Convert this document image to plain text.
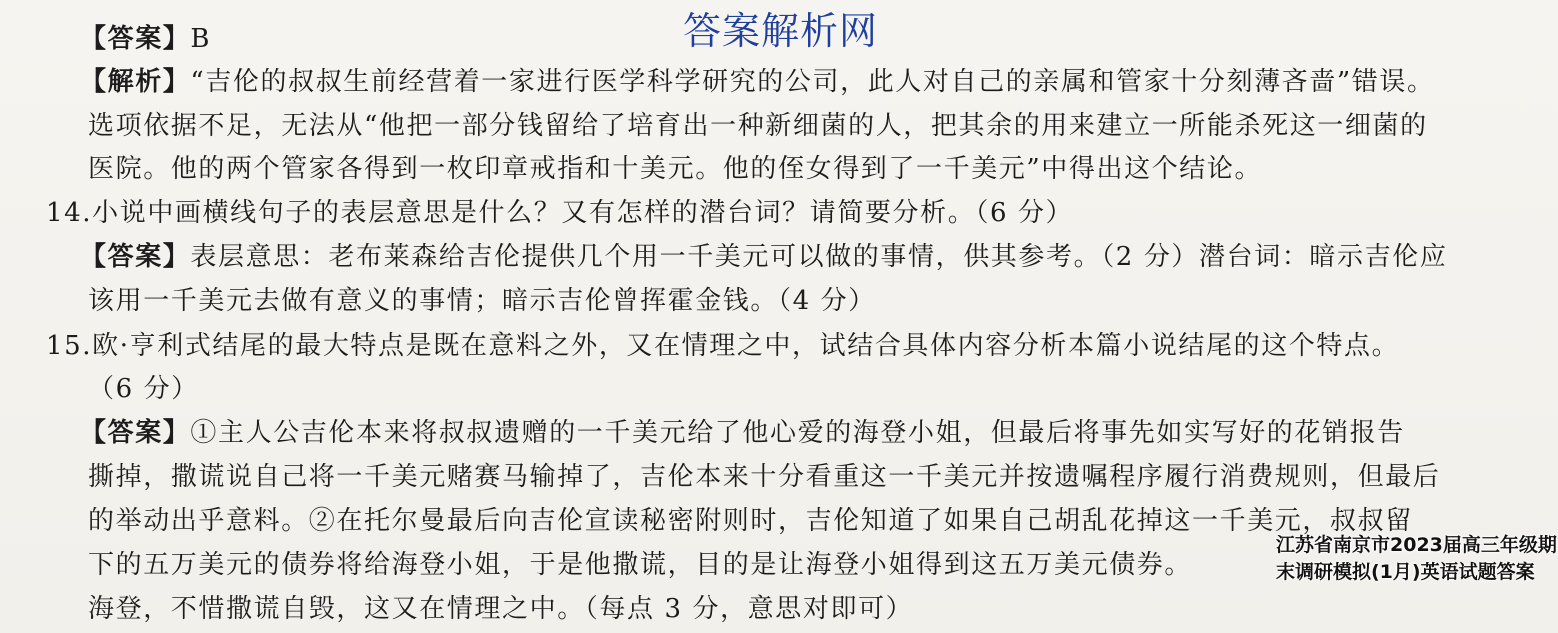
答案解析网
【答案】B
【解析】“吉伦的叔叔生前经营着一家进行医学科学研究的公司，此人对自己的亲属和管家十分刻薄吝啬”错误。
选项依据不足，无法从“他把一部分钱留给了培育出一种新细菌的人，把其余的用来建立一所能杀死这一细菌的
医院。他的两个管家各得到一枚印章戒指和十美元。他的侄女得到了一千美元”中得出这个结论。
14.小说中画横线句子的表层意思是什么？又有怎样的潜台词？请简要分析。（6 分）
【答案】表层意思：老布莱森给吉伦提供几个用一千美元可以做的事情，供其参考。（2 分）潜台词：暗示吉伦应
该用一千美元去做有意义的事情；暗示吉伦曾挥霍金钱。（4 分）
15.欧·亨利式结尾的最大特点是既在意料之外，又在情理之中，试结合具体内容分析本篇小说结尾的这个特点。
（6 分）
【答案】①主人公吉伦本来将叔叔遗赠的一千美元给了他心爱的海登小姐，但最后将事先如实写好的花销报告
撕掉，撒谎说自己将一千美元赌赛马输掉了，吉伦本来十分看重这一千美元并按遗嘱程序履行消费规则，但最后
的举动出乎意料。②在托尔曼最后向吉伦宣读秘密附则时，吉伦知道了如果自己胡乱花掉这一千美元，叔叔留
下的五万美元的债券将给海登小姐，于是他撒谎，目的是让海登小姐得到这五万美元债券。
海登，不惜撒谎自毁，这又在情理之中。（每点 3 分，意思对即可）
江苏省南京市2023届高三年级期末调研模拟(1月)英语试题答案
